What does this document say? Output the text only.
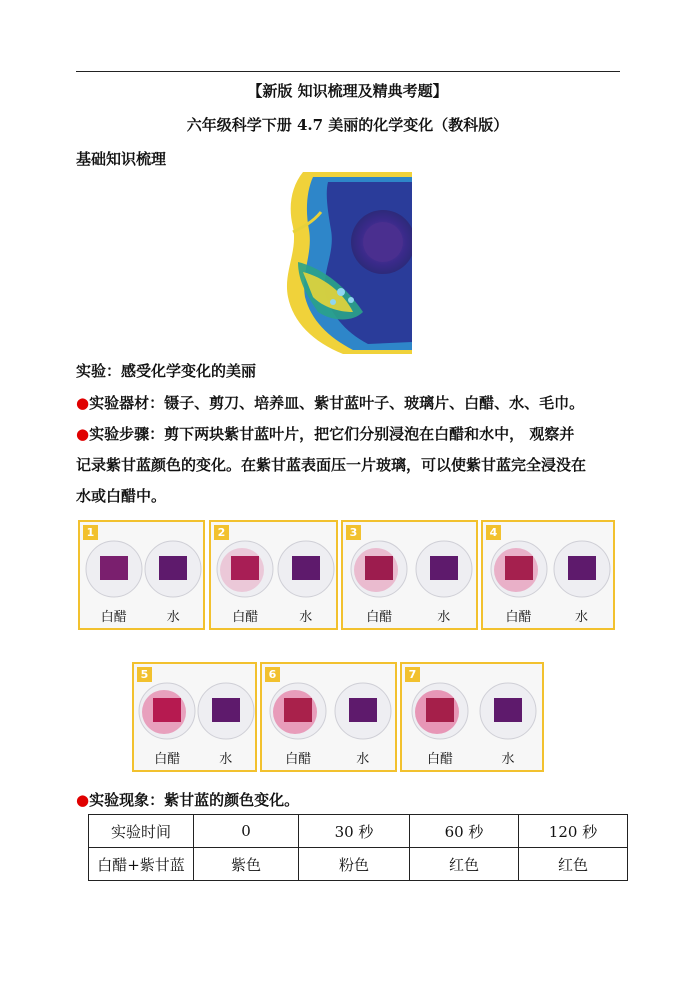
【新版 知识梳理及精典考题】
六年级科学下册 4.7 美丽的化学变化（教科版）
基础知识梳理
实验：感受化学变化的美丽
●实验器材：镊子、剪刀、培养皿、紫甘蓝叶子、玻璃片、白醋、水、毛巾。
●实验步骤：剪下两块紫甘蓝叶片，把它们分别浸泡在白醋和水中， 观察并
记录紫甘蓝颜色的变化。在紫甘蓝表面压一片玻璃，可以使紫甘蓝完全浸没在
水或白醋中。
1
白醋	水
2
白醋	水
3
白醋	水
4
白醋	水
5
白醋	水
6
白醋	水
7
白醋	水
●实验现象：紫甘蓝的颜色变化。
实验时间	0	30 秒	60 秒	120 秒
白醋+紫甘蓝	紫色	粉色	红色	红色
